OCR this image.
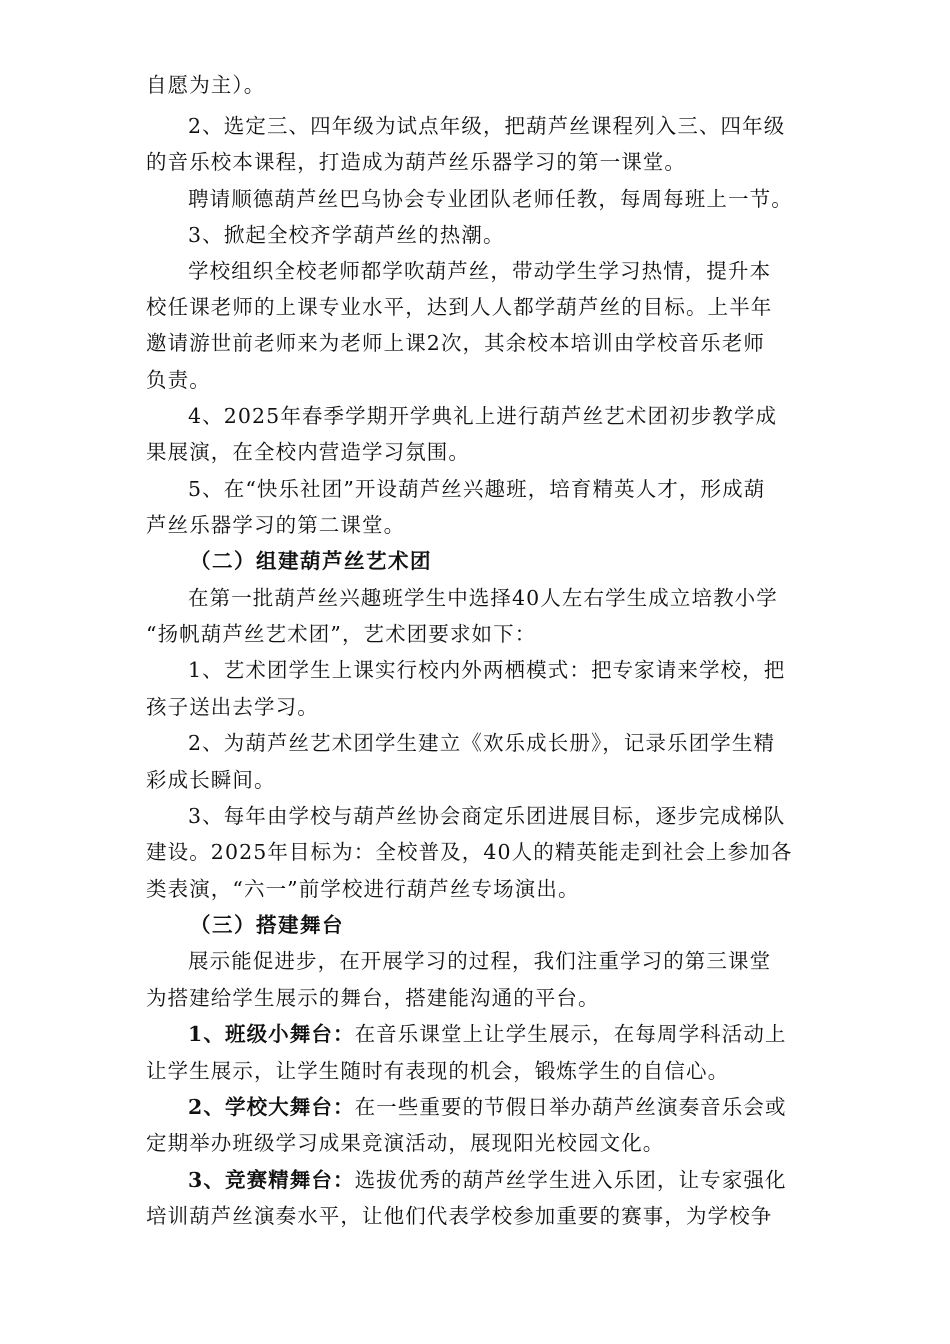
自愿为主）。
2、选定三、四年级为试点年级，把葫芦丝课程列入三、四年级
的音乐校本课程，打造成为葫芦丝乐器学习的第一课堂。
聘请顺德葫芦丝巴乌协会专业团队老师任教，每周每班上一节。
3、掀起全校齐学葫芦丝的热潮。
学校组织全校老师都学吹葫芦丝，带动学生学习热情，提升本
校任课老师的上课专业水平，达到人人都学葫芦丝的目标。上半年
邀请游世前老师来为老师上课2次，其余校本培训由学校音乐老师
负责。
4、2025年春季学期开学典礼上进行葫芦丝艺术团初步教学成
果展演，在全校内营造学习氛围。
5、在“快乐社团”开设葫芦丝兴趣班，培育精英人才，形成葫
芦丝乐器学习的第二课堂。
（二）组建葫芦丝艺术团
在第一批葫芦丝兴趣班学生中选择40人左右学生成立培教小学
“扬帆葫芦丝艺术团”，艺术团要求如下：
1、艺术团学生上课实行校内外两栖模式：把专家请来学校，把
孩子送出去学习。
2、为葫芦丝艺术团学生建立《欢乐成长册》，记录乐团学生精
彩成长瞬间。
3、每年由学校与葫芦丝协会商定乐团进展目标，逐步完成梯队
建设。2025年目标为：全校普及，40人的精英能走到社会上参加各
类表演，“六一”前学校进行葫芦丝专场演出。
（三）搭建舞台
展示能促进步，在开展学习的过程，我们注重学习的第三课堂
为搭建给学生展示的舞台，搭建能沟通的平台。
1、班级小舞台：在音乐课堂上让学生展示，在每周学科活动上
让学生展示，让学生随时有表现的机会，锻炼学生的自信心。
2、学校大舞台：在一些重要的节假日举办葫芦丝演奏音乐会或
定期举办班级学习成果竞演活动，展现阳光校园文化。
3、竞赛精舞台：选拔优秀的葫芦丝学生进入乐团，让专家强化
培训葫芦丝演奏水平，让他们代表学校参加重要的赛事，为学校争
